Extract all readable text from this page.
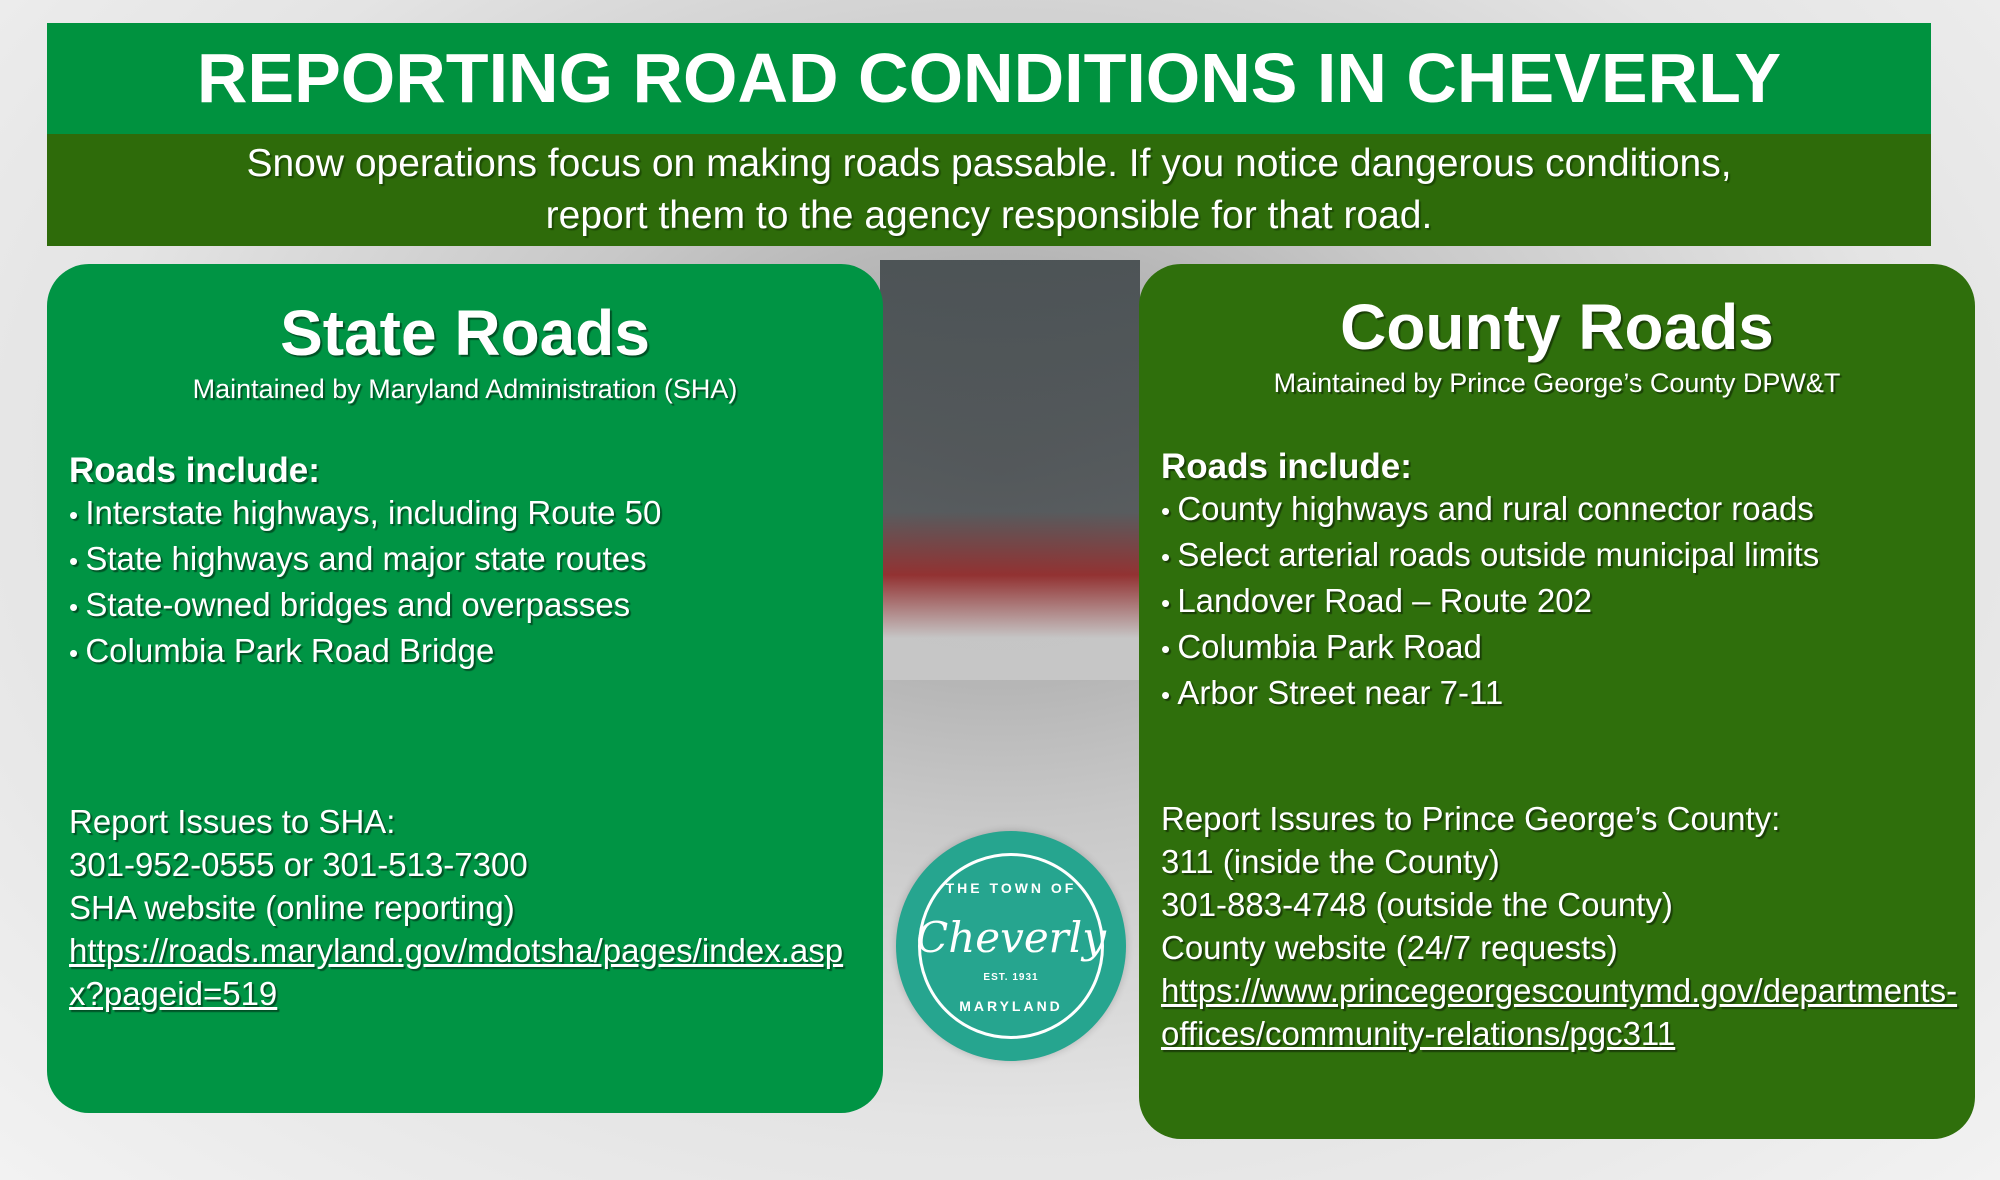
REPORTING ROAD CONDITIONS IN CHEVERLY
Snow operations focus on making roads passable. If you notice dangerous conditions,
report them to the agency responsible for that road.
State Roads
Maintained by Maryland Administration (SHA)
Roads include:
• Interstate highways, including Route 50
• State highways and major state routes
• State-owned bridges and overpasses
• Columbia Park Road Bridge
Report Issues to SHA:
301-952-0555 or 301-513-7300
SHA website (online reporting)
https://roads.maryland.gov/mdotsha/pages/index.aspx?pageid=519
County Roads
Maintained by Prince George’s County DPW&T
Roads include:
• County highways and rural connector roads
• Select arterial roads outside municipal limits
• Landover Road – Route 202
• Columbia Park Road
• Arbor Street near 7-11
Report Issures to Prince George’s County:
311 (inside the County)
301-883-4748 (outside the County)
County website (24/7 requests)
https://www.princegeorgescountymd.gov/departments-offices/community-relations/pgc311
THE TOWN OF
Cheverly
EST. 1931
MARYLAND
